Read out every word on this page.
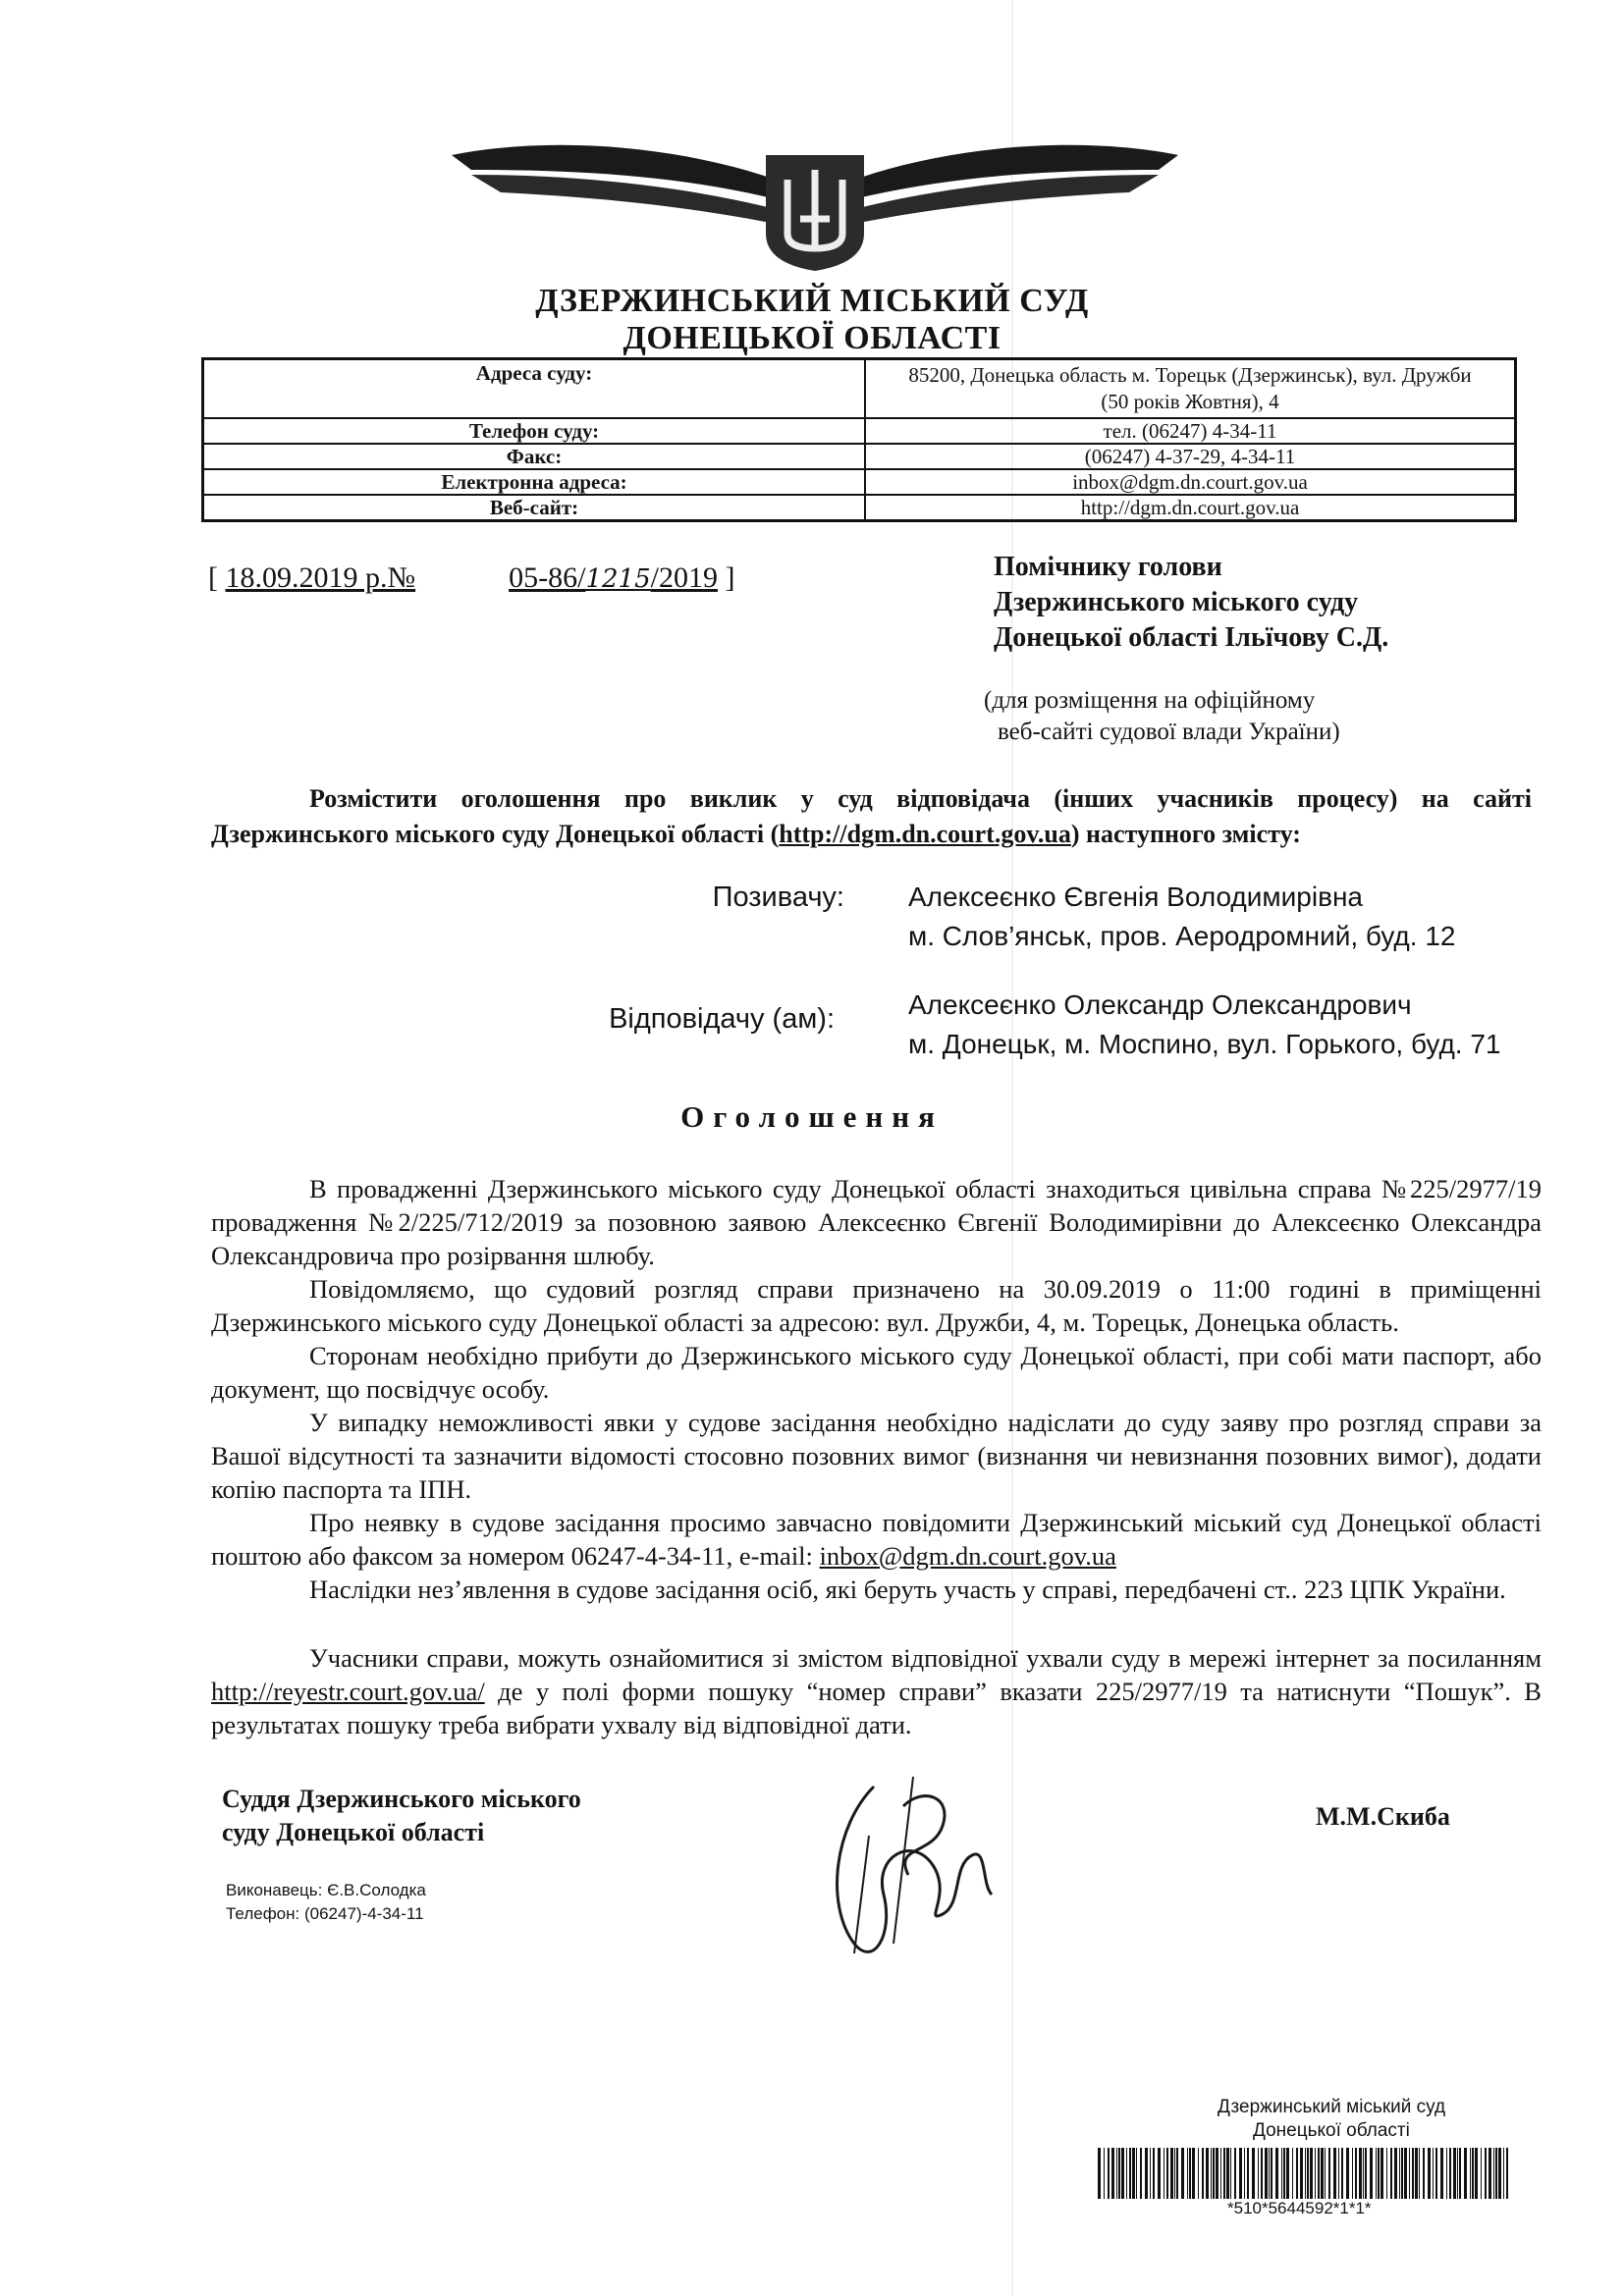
ДЗЕРЖИНСЬКИЙ МІСЬКИЙ СУД
ДОНЕЦЬКОЇ ОБЛАСТІ
Адреса суду:	85200, Донецька область м. Торецьк (Дзержинськ), вул. Дружби
(50 років Жовтня), 4

Телефон суду:	тел. (06247) 4-34-11
Факс:	(06247) 4-37-29, 4-34-11
Електронна адреса:	inbox@dgm.dn.court.gov.ua
Веб-сайт:	http://dgm.dn.court.gov.ua
[ 18.09.2019 р.№	05-86/1215/2019 ]	Помічнику голови
Дзержинського міського суду
Донецької області Ільїчову С.Д.
(для розміщення на офіційному
веб-сайті судової влади України)
Розмістити оголошення про виклик у суд відповідача (інших учасників процесу) на сайті
Дзержинського міського суду Донецької області (http://dgm.dn.court.gov.ua) наступного змісту:
Позивачу: Алексеєнко Євгенія Володимирівна
м. Слов’янськ, пров. Аеродромний, буд. 12
Відповідачу (ам):	Алексеєнко Олександр Олександрович
м. Донецьк, м. Моспино, вул. Горького, буд. 71
Оголошення
В провадженні Дзержинського міського суду Донецької області знаходиться цивільна справа №225/2977/19 провадження №2/225/712/2019 за позовною заявою Алексеєнко Євгенії Володимирівни до Алексеєнко Олександра Олександровича про розірвання шлюбу.
Повідомляємо, що судовий розгляд справи призначено на 30.09.2019 о 11:00 годині в приміщенні Дзержинського міського суду Донецької області за адресою: вул. Дружби, 4, м. Торецьк, Донецька область.
Сторонам необхідно прибути до Дзержинського міського суду Донецької області, при собі мати паспорт, або документ, що посвідчує особу.
У випадку неможливості явки у судове засідання необхідно надіслати до суду заяву про розгляд справи за Вашої відсутності та зазначити відомості стосовно позовних вимог (визнання чи невизнання позовних вимог), додати копію паспорта та ІПН.
Про неявку в судове засідання просимо завчасно повідомити Дзержинський міський суд Донецької області поштою або факсом за номером 06247-4-34-11, e-mail: inbox@dgm.dn.court.gov.ua
Наслідки нез’явлення в судове засідання осіб, які беруть участь у справі, передбачені ст.. 223 ЦПК України.
Учасники справи, можуть ознайомитися зі змістом відповідної ухвали суду в мережі інтернет за посиланням http://reyestr.court.gov.ua/ де у полі форми пошуку “номер справи” вказати 225/2977/19 та натиснути “Пошук”. В результатах пошуку треба вибрати ухвалу від відповідної дати.
Суддя Дзержинського міського
суду Донецької області
М.М.Скиба
Виконавець: Є.В.Солодка
Телефон: (06247)-4-34-11
Дзержинський міський суд
Донецької області
*510*5644592*1*1*
